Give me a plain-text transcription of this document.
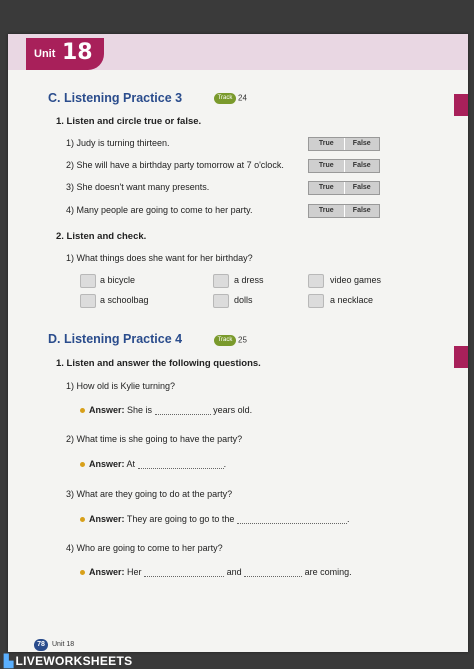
Unit 18
C. Listening Practice 3	Track 24
1. Listen and circle true or false.
1) Judy is turning thirteen.	True	False
2) She will have a birthday party tomorrow at 7 o'clock.	True	False
3) She doesn't want many presents.	True	False
4) Many people are going to come to her party.	True	False
2. Listen and check.
1) What things does she want for her birthday?
a bicycle	a dress	video games
a schoolbag	dolls	a necklace
D. Listening Practice 4	Track 25
1. Listen and answer the following questions.
1) How old is Kylie turning?
Answer: She is	years old.
2) What time is she going to have the party?
Answer: At	.
3) What are they going to do at the party?
Answer: They are going to go to the	.
4) Who are going to come to her party?
Answer: Her	and	are coming.
78 Unit 18
▙ LIVEWORKSHEETS
